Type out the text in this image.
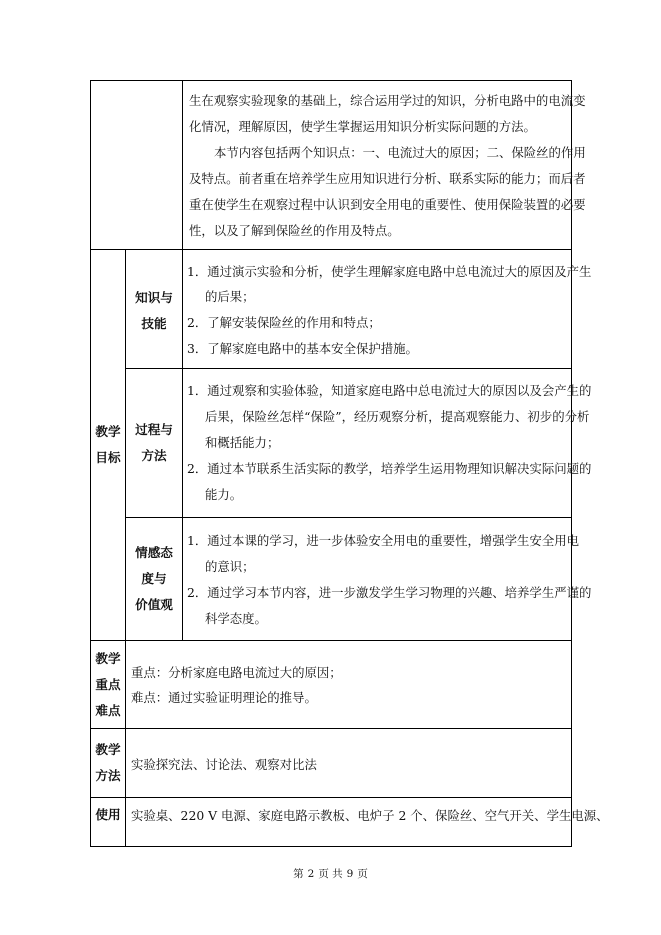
生在观察实验现象的基础上，综合运用学过的知识，分析电路中的电流变
化情况，理解原因，使学生掌握运用知识分析实际问题的方法。
本节内容包括两个知识点：一、电流过大的原因；二、保险丝的作用
及特点。前者重在培养学生应用知识进行分析、联系实际的能力；而后者
重在使学生在观察过程中认识到安全用电的重要性、使用保险装置的必要
性，以及了解到保险丝的作用及特点。
教学
目标
知识与
技能
1．通过演示实验和分析，使学生理解家庭电路中总电流过大的原因及产生
的后果；
2．了解安装保险丝的作用和特点；
3．了解家庭电路中的基本安全保护措施。
过程与
方法
1．通过观察和实验体验，知道家庭电路中总电流过大的原因以及会产生的
后果，保险丝怎样“保险”，经历观察分析，提高观察能力、初步的分析
和概括能力；
2．通过本节联系生活实际的教学，培养学生运用物理知识解决实际问题的
能力。
情感态
度与
价值观
1．通过本课的学习，进一步体验安全用电的重要性，增强学生安全用电
的意识；
2．通过学习本节内容，进一步激发学生学习物理的兴趣、培养学生严谨的
科学态度。
教学
重点
难点
重点：分析家庭电路电流过大的原因；
难点：通过实验证明理论的推导。
教学
方法
实验探究法、讨论法、观察对比法
使用 实验桌、220 V 电源、家庭电路示教板、电炉子 2 个、保险丝、空气开关、学生电源、
第 2 页 共 9 页
